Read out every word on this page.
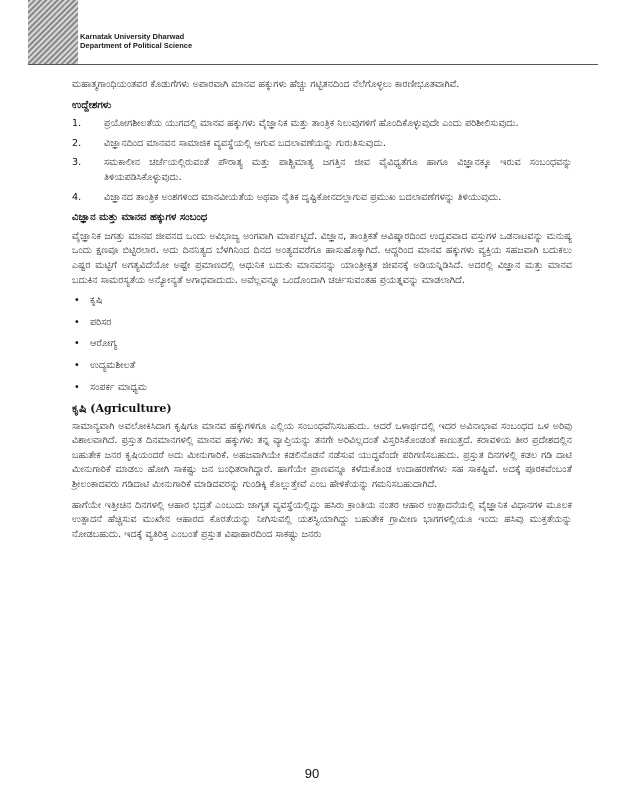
Karnatak University Dharwad
Department of Political Science

ಮಹಾತ್ಮಗಾಂಧಿಯಂತವರ ಕೊಡುಗೆಗಳು ಅಪಾರವಾಗಿ ಮಾನವ ಹಕ್ಕುಗಳು ಹೆಚ್ಚು ಗಟ್ಟಿತನದಿಂದ ನೆಲೆಗೊಳ್ಳಲು ಕಾರಣೀಭೂತವಾಗಿವೆ.

ಉದ್ದೇಶಗಳು
1. ಪ್ರಯೋಗಶೀಲತೆಯ ಯುಗದಲ್ಲಿ ಮಾನವ ಹಕ್ಕುಗಳು ವೈಜ್ಞಾನಿಕ ಮತ್ತು ತಾಂತ್ರಿಕ ನಿಲುವುಗಳಿಗೆ ಹೊಂದಿಕೊಳ್ಳುವುದೇ ಎಂದು ಪರಿಶೀಲಿಸುವುದು.
2. ವಿಜ್ಞಾನದಿಂದ ಮಾನವನ ಸಾಮಾಜಿಕ ವ್ಯವಸ್ಥೆಯಲ್ಲಿ ಆಗುವ ಬದಲಾವಣೆಯನ್ನು ಗುರುತಿಸುವುದು.
3. ಸಮಕಾಲೀನ ಚರ್ಚೆಯಲ್ಲಿರುವಂತೆ ಪೌರಾತ್ಯ ಮತ್ತು ಪಾಶ್ಚಿಮಾತ್ಯ ಜಗತ್ತಿನ ಜೀವ ವೈವಿಧ್ಯತೆಗೂ ಹಾಗೂ ವಿಜ್ಞಾನಕ್ಕೂ ಇರುವ ಸಂಬಂಧವನ್ನು ತಿಳಿಯಪಡಿಸಿಕೊಳ್ಳುವುದು.
4. ವಿಜ್ಞಾನದ ತಾಂತ್ರಿಕ ಅಂಶಗಳಿಂದ ಮಾನವೀಯತೆಯ ಅಥವಾ ನೈತಿಕ ದೃಷ್ಟಿಕೋನದಲ್ಲಾಗುವ ಪ್ರಮುಖ ಬದಲಾವಣೆಗಳನ್ನು ತಿಳಿಯುವುದು.
ವಿಜ್ಞಾನ ಮತ್ತು ಮಾನವ ಹಕ್ಕುಗಳ ಸಂಬಂಧ

ವೈಜ್ಞಾನಿಕ ಜಗತ್ತು ಮಾನವ ಜೀವನದ ಒಂದು ಅವಿಭಾಜ್ಯ ಅಂಗವಾಗಿ ಮಾರ್ಪಟ್ಟಿದೆ. ವಿಜ್ಞಾನ, ತಾಂತ್ರಿಕತೆ ಆವಿಷ್ಕಾರದಿಂದ ಉದ್ಭವವಾದ ವಸ್ತುಗಳ ಒಡನಾಟವನ್ನು ಮನುಷ್ಯ ಒಂದು ಕ್ಷಣವೂ ಬಿಟ್ಟಿರಲಾರ. ಅದು ದಿನನಿತ್ಯದ ಬೆಳಗಿನಿಂದ ದಿನದ ಅಂತ್ಯದವರೆಗೂ ಹಾಸುಹೊಕ್ಕಾಗಿದೆ. ಆದ್ದರಿಂದ ಮಾನವ ಹಕ್ಕುಗಳು ವ್ಯಕ್ತಿಯ ಸಹಜವಾಗಿ ಬದುಕಲು ಎಷ್ಟರ ಮಟ್ಟಿಗೆ ಅಗತ್ಯವಿದೆಯೋ ಅಷ್ಟೇ ಪ್ರಮಾಣದಲ್ಲಿ ಆಧುನಿಕ ಬದುಕು ಮಾನವನನ್ನು ಯಾಂತ್ರೀಕೃತ ಜೀವನಕ್ಕೆ ಅಡಿಯನ್ನಿಡಿಸಿದೆ. ಅದರಲ್ಲಿ ವಿಜ್ಞಾನ ಮತ್ತು ಮಾನವ ಬದುಕಿನ ಸಾಮರಸ್ಯತೆಯ ಅನ್ಯೋನ್ಯತೆ ಅಗಾಧವಾದುದು. ಅವೆಲ್ಲವನ್ನೂ ಒಂದೊಂದಾಗಿ ಚರ್ಚಿಸುವಂತಹ ಪ್ರಯತ್ನವನ್ನು ಮಾಡಲಾಗಿದೆ.

• ಕೃಷಿ
• ಪರಿಸರ
• ಆರೋಗ್ಯ
• ಉದ್ಯಮಶೀಲತೆ
• ಸಂಪರ್ಕ ಮಾಧ್ಯಮ
ಕೃಷಿ (Agriculture)

ಸಾಮಾನ್ಯವಾಗಿ ಅವಲೋಕಿಸಿದಾಗ ಕೃಷಿಗೂ ಮಾನವ ಹಕ್ಕುಗಳಿಗೂ ಎಲ್ಲಿಯ ಸಂಬಂಧವೆನಿಸಬಹುದು. ಆದರೆ ಒಳಾರ್ಥದಲ್ಲಿ ಇದರ ಅವಿನಾಭಾವ ಸಂಬಂಧದ ಒಳ ಅರಿವು ವಿಶಾಲವಾಗಿದೆ. ಪ್ರಸ್ತುತ ದಿನಮಾನಗಳಲ್ಲಿ ಮಾನವ ಹಕ್ಕುಗಳು ತನ್ನ ವ್ಯಾಪ್ತಿಯನ್ನು ತನಗೇ ಅರಿವಿಲ್ಲದಂತೆ ವಿಸ್ತರಿಸಿಕೊಂಡಂತೆ ಕಾಣುತ್ತದೆ. ಕರಾವಳಿಯ ತೀರ ಪ್ರದೇಶದಲ್ಲಿನ ಬಹುತೇಕ ಜನರ ಕೃಷಿಯಂದರೆ ಅದು ಮೀನುಗಾರಿಕೆ. ಅಹಜವಾಗಿಯೇ ಕಡಲಿನೊಡನೆ ನಡೆಸುವ ಯುದ್ಧವೆಂದೇ ಪರಿಗಣಿಸಬಹುದು. ಪ್ರಸ್ತುತ ದಿನಗಳಲ್ಲಿ ಕಡಲ ಗಡಿ ದಾಟಿ ಮೀನುಗಾರಿಕೆ ಮಾಡಲು ಹೋಗಿ ಸಾಕಷ್ಟು ಜನ ಬಂಧಿತರಾಗಿದ್ದಾರೆ. ಹಾಗೆಯೇ ಪ್ರಾಣವನ್ನೂ ಕಳೆದುಕೊಂಡ ಉದಾಹರಣೆಗಳು ಸಹ ಸಾಕಷ್ಟಿವೆ. ಅದಕ್ಕೆ ಪೂರಕವೆಂಬಂತೆ ಶ್ರೀಲಂಕಾದವರು ಗಡಿದಾಟಿ ಮೀನುಗಾರಿಕೆ ಮಾಡಿದವರನ್ನು ಗುಂಡಿಕ್ಕಿ ಕೊಲ್ಲುತ್ತೇವೆ ಎಂಬ ಹೇಳಿಕೆಯನ್ನು ಗಮನಿಸಬಹುದಾಗಿದೆ.

ಹಾಗೆಯೇ ಇತ್ತೀಚಿನ ದಿನಗಳಲ್ಲಿ ಆಹಾರ ಭದ್ರತೆ ಎಂಬುದು ಜಾಗೃತ ವ್ಯವಸ್ಥೆಯಲ್ಲಿದ್ದು ಹಸಿರು ಕ್ರಾಂತಿಯ ನಂತರ ಆಹಾರ ಉತ್ಪಾದನೆಯಲ್ಲಿ ವೈಜ್ಞಾನಿಕ ವಿಧಾನಗಳ ಮೂಲಕ ಉತ್ಪಾದನೆ ಹೆಚ್ಚಿಸುವ ಮುಖೇನ ಆಹಾರದ ಕೊರತೆಯನ್ನು ನೀಗಿಸುವಲ್ಲಿ ಯಶಸ್ವಿಯಾಗಿದ್ದು ಬಹುತೇಕ ಗ್ರಾಮೀಣ ಭಾಗಗಳಲ್ಲಿಯೂ ಇಂದು ಹಸಿವು ಮುಕ್ತತೆಯನ್ನು ನೋಡಬಹುದು. ಇದಕ್ಕೆ ವ್ಯತಿರಿಕ್ತ ಎಂಬಂತೆ ಪ್ರಸ್ತುತ ವಿಷಾಹಾರದಿಂದ ಸಾಕಷ್ಟು ಜನರು

90
